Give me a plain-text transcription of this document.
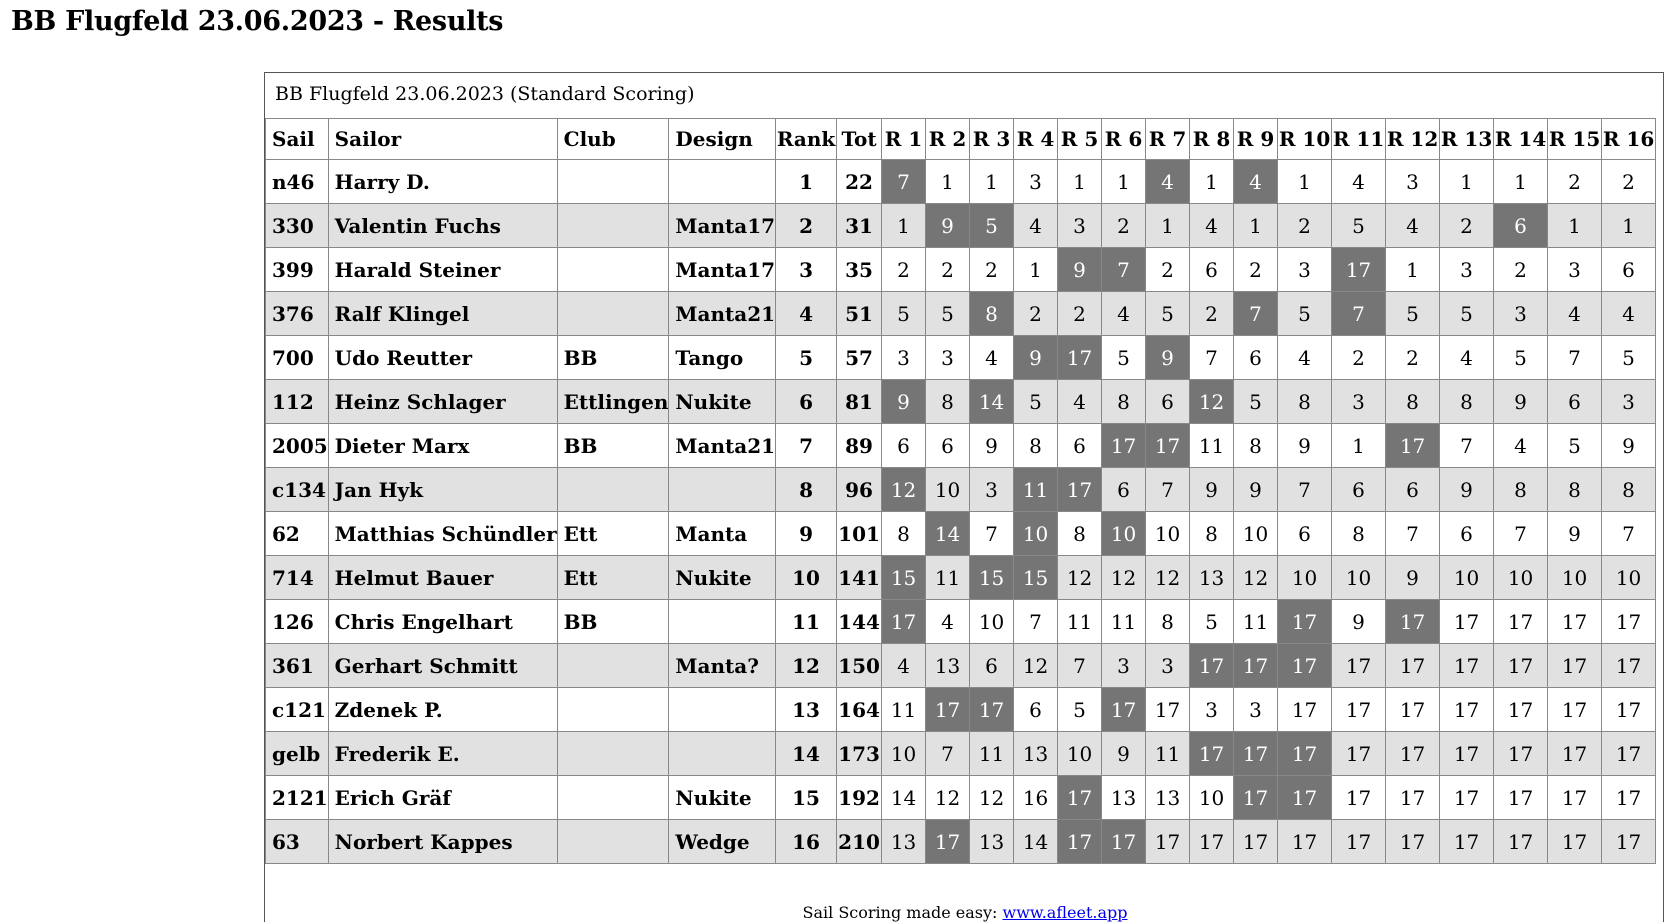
BB Flugfeld 23.06.2023 - Results
BB Flugfeld 23.06.2023 (Standard Scoring)
Sail	Sailor	Club	Design	Rank	Tot	R 1	R 2	R 3	R 4	R 5	R 6	R 7	R 8	R 9	R 10	R 11	R 12	R 13	R 14	R 15	R 16
n46	Harry D.			1	22	7	1	1	3	1	1	4	1	4	1	4	3	1	1	2	2
330	Valentin Fuchs		Manta17	2	31	1	9	5	4	3	2	1	4	1	2	5	4	2	6	1	1
399	Harald Steiner		Manta17	3	35	2	2	2	1	9	7	2	6	2	3	17	1	3	2	3	6
376	Ralf Klingel		Manta21	4	51	5	5	8	2	2	4	5	2	7	5	7	5	5	3	4	4
700	Udo Reutter	BB	Tango	5	57	3	3	4	9	17	5	9	7	6	4	2	2	4	5	7	5
112	Heinz Schlager	Ettlingen	Nukite	6	81	9	8	14	5	4	8	6	12	5	8	3	8	8	9	6	3
2005	Dieter Marx	BB	Manta21	7	89	6	6	9	8	6	17	17	11	8	9	1	17	7	4	5	9
c134	Jan Hyk			8	96	12	10	3	11	17	6	7	9	9	7	6	6	9	8	8	8
62	Matthias Schündler	Ett	Manta	9	101	8	14	7	10	8	10	10	8	10	6	8	7	6	7	9	7
714	Helmut Bauer	Ett	Nukite	10	141	15	11	15	15	12	12	12	13	12	10	10	9	10	10	10	10
126	Chris Engelhart	BB		11	144	17	4	10	7	11	11	8	5	11	17	9	17	17	17	17	17
361	Gerhart Schmitt		Manta?	12	150	4	13	6	12	7	3	3	17	17	17	17	17	17	17	17	17
c121	Zdenek P.			13	164	11	17	17	6	5	17	17	3	3	17	17	17	17	17	17	17
gelb	Frederik E.			14	173	10	7	11	13	10	9	11	17	17	17	17	17	17	17	17	17
2121	Erich Gräf		Nukite	15	192	14	12	12	16	17	13	13	10	17	17	17	17	17	17	17	17
63	Norbert Kappes		Wedge	16	210	13	17	13	14	17	17	17	17	17	17	17	17	17	17	17	17
Sail Scoring made easy: www.afleet.app
